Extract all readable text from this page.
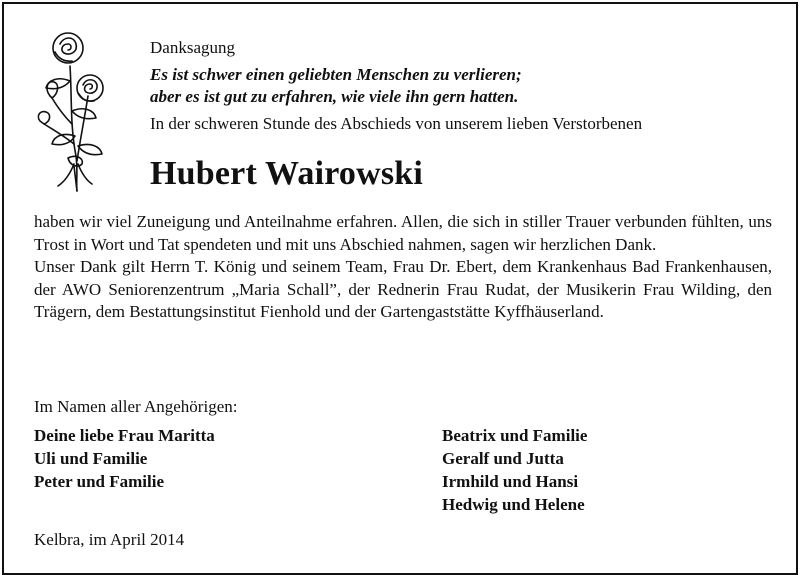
Danksagung

Es ist schwer einen geliebten Menschen zu verlieren;

aber es ist gut zu erfahren, wie viele ihn gern hatten.

In der schweren Stunde des Abschieds von unserem lieben Verstorbenen

Hubert Wairowski

haben wir viel Zuneigung und Anteilnahme erfahren. Allen, die sich in stiller Trauer verbunden fühlten, uns Trost in Wort und Tat spendeten und mit uns Abschied nahmen, sagen wir herzlichen Dank.

Unser Dank gilt Herrn T. König und seinem Team, Frau Dr. Ebert, dem Krankenhaus Bad Frankenhausen, der AWO Seniorenzentrum „Maria Schall”, der Rednerin Frau Rudat, der Musikerin Frau Wilding, den Trägern, dem Bestattungsinstitut Fienhold und der Gartengaststätte Kyffhäuserland.

Im Namen aller Angehörigen:

Deine liebe Frau Maritta
Uli und Familie
Peter und Familie
Beatrix und Familie
Geralf und Jutta
Irmhild und Hansi
Hedwig und Helene

Kelbra, im April 2014
